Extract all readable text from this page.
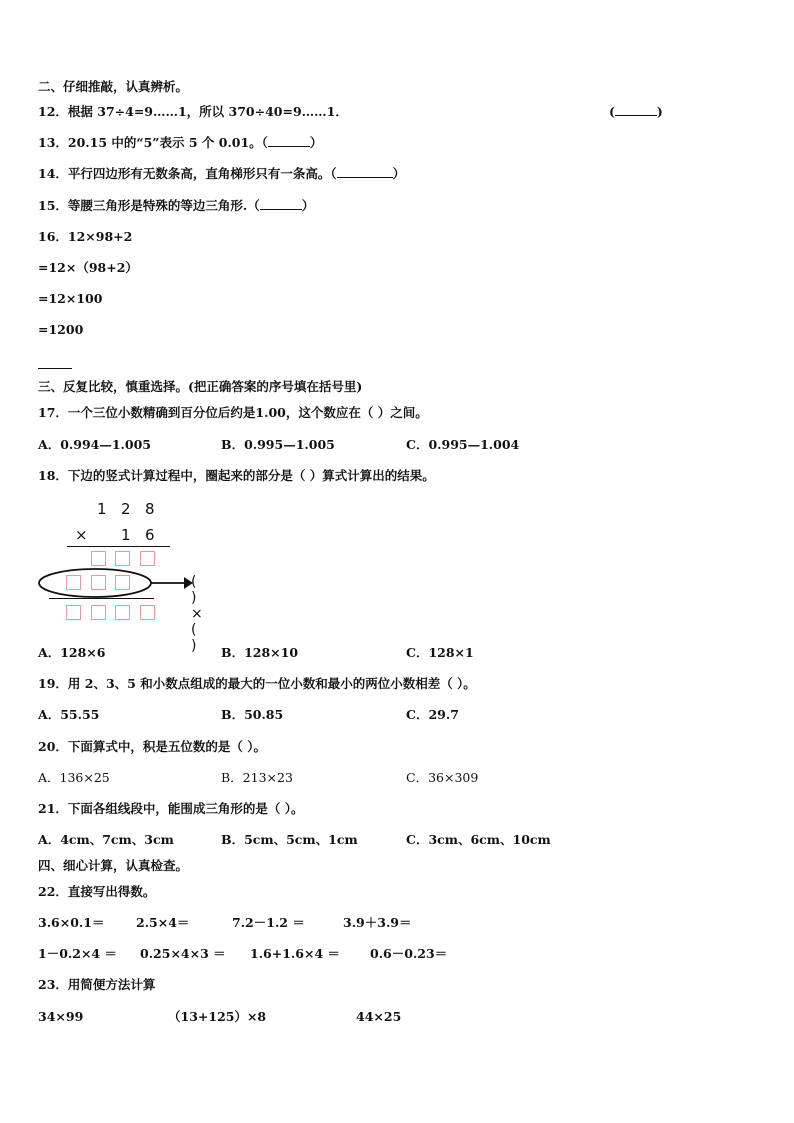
二、仔细推敲，认真辨析。
12．根据 37÷4=9……1，所以 370÷40=9……1．	(	)
13．20.15 中的“5”表示 5 个 0.01。（	）
14．平行四边形有无数条高，直角梯形只有一条高。（	）
15．等腰三角形是特殊的等边三角形.（	）
16．12×98+2
=12×（98+2）
=12×100
=1200
三、反复比较，慎重选择。(把正确答案的序号填在括号里)
17．一个三位小数精确到百分位后约是1.00，这个数应在（ ）之间。
A．0.994—1.005	B．0.995—1.005	C．0.995—1.004
18．下边的竖式计算过程中，圈起来的部分是（ ）算式计算出的结果。
1 2 8
× 1 6
( ) × ( )
A．128×6	B．128×10	C．128×1
19．用 2、3、5 和小数点组成的最大的一位小数和最小的两位小数相差（ ）。
A．55.55	B．50.85	C．29.7
20．下面算式中，积是五位数的是（ ）。
A．136×25	B．213×23	C．36×309
21．下面各组线段中，能围成三角形的是（ ）。
A．4cm、7cm、3cm	B．5cm、5cm、1cm	C．3cm、6cm、10cm
四、细心计算，认真检查。
22．直接写出得数。
3.6×0.1＝	2.5×4＝	7.2－1.2 ＝	3.9＋3.9＝
1－0.2×4 ＝ 0.25×4×3 ＝ 1.6+1.6×4 ＝ 0.6－0.23＝
23．用简便方法计算
34×99	（13+125）×8	44×25
